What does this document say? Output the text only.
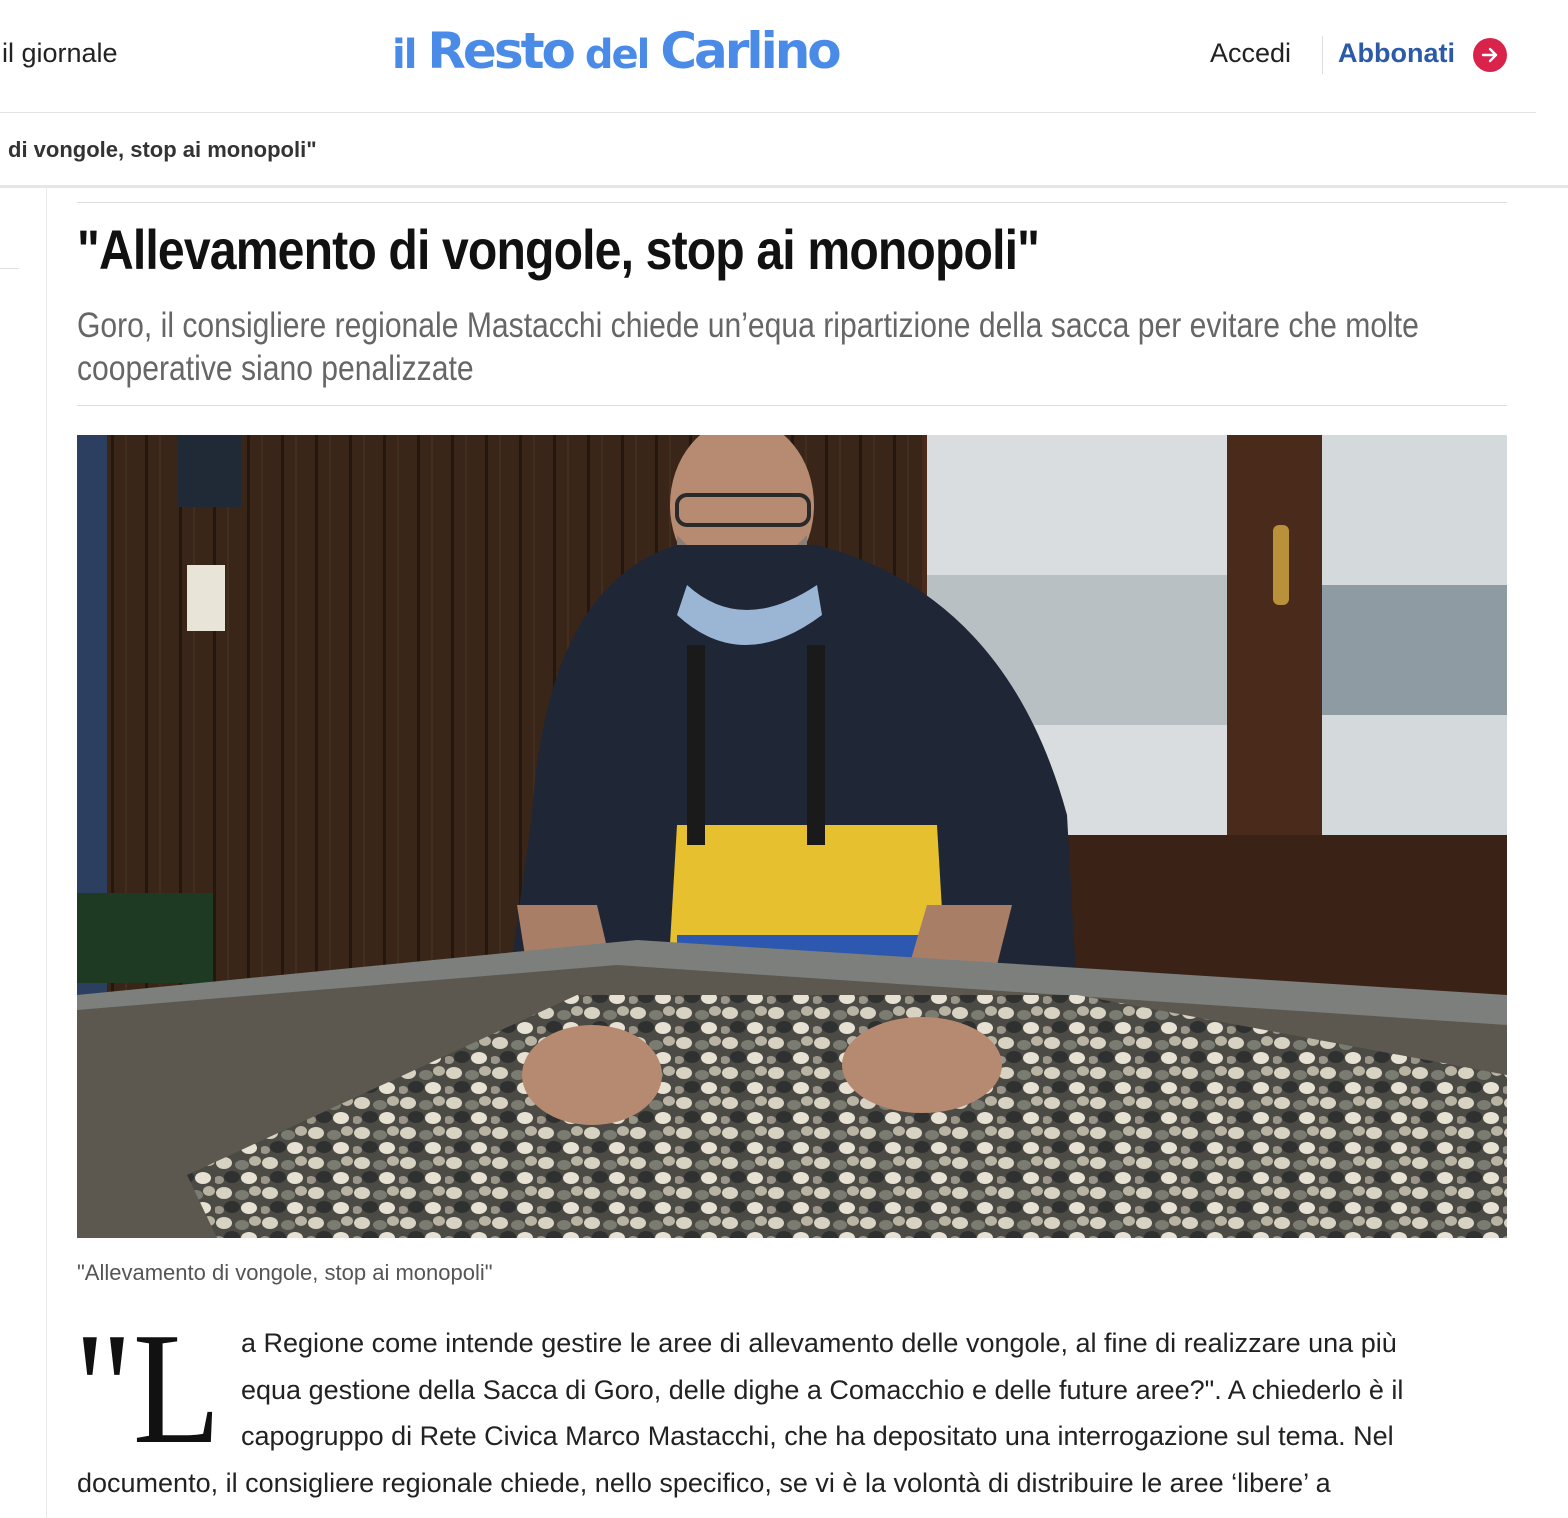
il giornale	il Resto del Carlino	Accedi Abbonati
di vongole, stop ai monopoli"
"Allevamento di vongole, stop ai monopoli"

Goro, il consigliere regionale Mastacchi chiede un’equa ripartizione della sacca per evitare che molte cooperative siano penalizzate

"Allevamento di vongole, stop ai monopoli"
"L a Regione come intende gestire le aree di allevamento delle vongole, al fine di realizzare una più
equa gestione della Sacca di Goro, delle dighe a Comacchio e delle future aree?". A chiederlo è il
capogruppo di Rete Civica Marco Mastacchi, che ha depositato una interrogazione sul tema. Nel
documento, il consigliere regionale chiede, nello specifico, se vi è la volontà di distribuire le aree ‘libere’ a
